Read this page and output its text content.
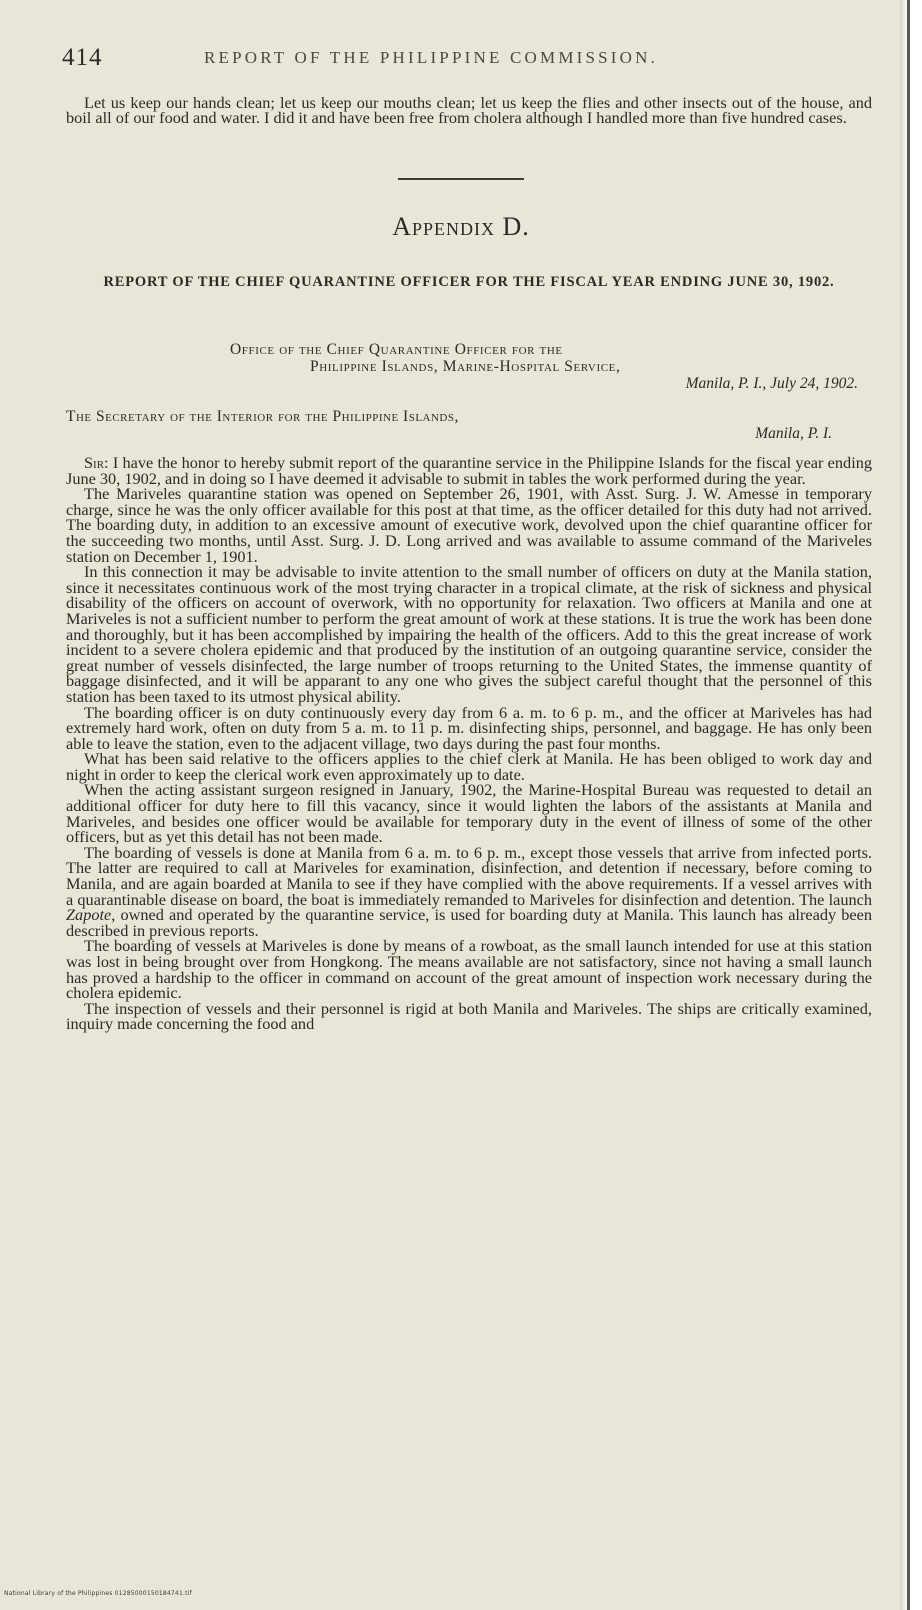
414	REPORT OF THE PHILIPPINE COMMISSION.

Let us keep our hands clean; let us keep our mouths clean; let us keep the flies and other insects out of the house, and boil all of our food and water. I did it and have been free from cholera although I handled more than five hundred cases.

Appendix D.

REPORT OF THE CHIEF QUARANTINE OFFICER FOR THE FISCAL YEAR ENDING JUNE 30, 1902.

Office of the Chief Quarantine Officer for the
Philippine Islands, Marine-Hospital Service,
Manila, P. I., July 24, 1902.
The Secretary of the Interior for the Philippine Islands,
Manila, P. I.

Sir: I have the honor to hereby submit report of the quarantine service in the Philippine Islands for the fiscal year ending June 30, 1902, and in doing so I have deemed it advisable to submit in tables the work performed during the year.

The Mariveles quarantine station was opened on September 26, 1901, with Asst. Surg. J. W. Amesse in temporary charge, since he was the only officer available for this post at that time, as the officer detailed for this duty had not arrived. The boarding duty, in addition to an excessive amount of executive work, devolved upon the chief quarantine officer for the succeeding two months, until Asst. Surg. J. D. Long arrived and was available to assume command of the Mariveles station on December 1, 1901.

In this connection it may be advisable to invite attention to the small number of officers on duty at the Manila station, since it necessitates continuous work of the most trying character in a tropical climate, at the risk of sickness and physical disability of the officers on account of overwork, with no opportunity for relaxation. Two officers at Manila and one at Mariveles is not a sufficient number to perform the great amount of work at these stations. It is true the work has been done and thoroughly, but it has been accomplished by impairing the health of the officers. Add to this the great increase of work incident to a severe cholera epidemic and that produced by the institution of an outgoing quarantine service, consider the great number of vessels disinfected, the large number of troops returning to the United States, the immense quantity of baggage disinfected, and it will be apparant to any one who gives the subject careful thought that the personnel of this station has been taxed to its utmost physical ability.

The boarding officer is on duty continuously every day from 6 a. m. to 6 p. m., and the officer at Mariveles has had extremely hard work, often on duty from 5 a. m. to 11 p. m. disinfecting ships, personnel, and baggage. He has only been able to leave the station, even to the adjacent village, two days during the past four months.

What has been said relative to the officers applies to the chief clerk at Manila. He has been obliged to work day and night in order to keep the clerical work even approximately up to date.

When the acting assistant surgeon resigned in January, 1902, the Marine-Hospital Bureau was requested to detail an additional officer for duty here to fill this vacancy, since it would lighten the labors of the assistants at Manila and Mariveles, and besides one officer would be available for temporary duty in the event of illness of some of the other officers, but as yet this detail has not been made.

The boarding of vessels is done at Manila from 6 a. m. to 6 p. m., except those vessels that arrive from infected ports. The latter are required to call at Mariveles for examination, disinfection, and detention if necessary, before coming to Manila, and are again boarded at Manila to see if they have complied with the above requirements. If a vessel arrives with a quarantinable disease on board, the boat is immediately remanded to Mariveles for disinfection and detention. The launch Zapote, owned and operated by the quarantine service, is used for boarding duty at Manila. This launch has already been described in previous reports.

The boarding of vessels at Mariveles is done by means of a rowboat, as the small launch intended for use at this station was lost in being brought over from Hongkong. The means available are not satisfactory, since not having a small launch has proved a hardship to the officer in command on account of the great amount of inspection work necessary during the cholera epidemic.

The inspection of vessels and their personnel is rigid at both Manila and Mariveles. The ships are critically examined, inquiry made concerning the food and

National Library of the Philippines 01285000150184741.tif
